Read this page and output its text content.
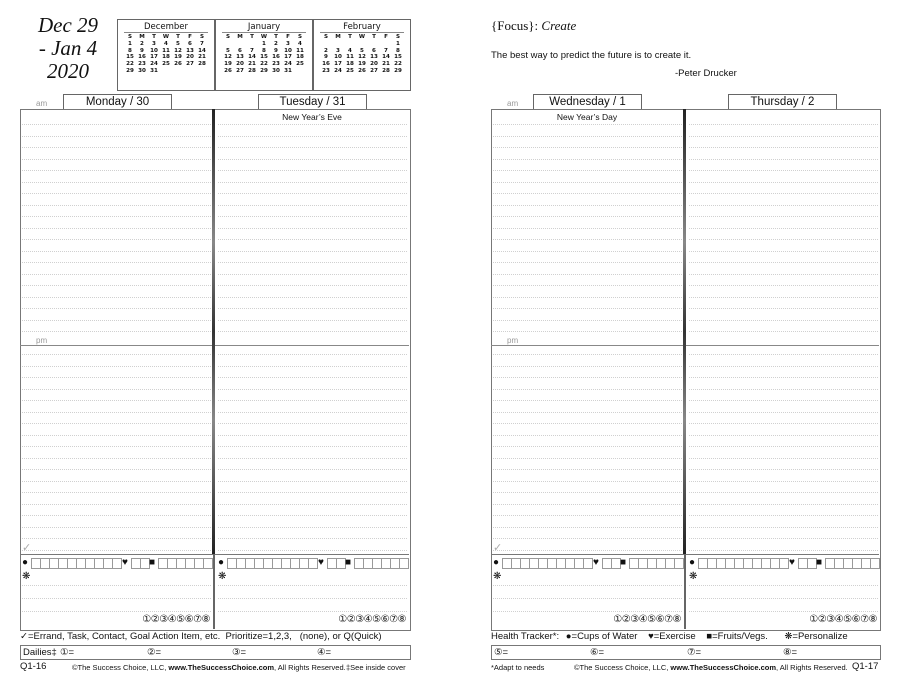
Dec 29
- Jan 4
2020
December
S	M	T	W	T	F	S
1	2	3	4	5	6	7
8	9	10	11	12	13	14
15	16	17	18	19	20	21
22	23	24	25	26	27	28
29	30	31				
January
S	M	T	W	T	F	S
			1	2	3	4
5	6	7	8	9	10	11
12	13	14	15	16	17	18
19	20	21	22	23	24	25
26	27	28	29	30	31	
February
S	M	T	W	T	F	S
						1
2	3	4	5	6	7	8
9	10	11	12	13	14	15
16	17	18	19	20	21	22
23	24	25	26	27	28	29
{Focus}: Create
The best way to predict the future is to create it.
-Peter Drucker
am	am
Monday / 30	Tuesday / 31	Wednesday / 1	Thursday / 2
New Year’s Eve	New Year’s Day
pm	pm
✓	✓
●	♥ ■
❋
①②③④⑤⑥⑦⑧
●	♥ ■
❋
①②③④⑤⑥⑦⑧
●	♥ ■
❋
①②③④⑤⑥⑦⑧
●	♥ ■
❋
①②③④⑤⑥⑦⑧
✓=Errand, Task, Contact, Goal Action Item, etc.  Prioritize=1,2,3,   (none), or Q(Quick)
Dailies‡ ①=	②=	③=	④=
Q1-16	©The Success Choice, LLC, www.TheSuccessChoice.com, All Rights Reserved. ‡See inside cover
Health Tracker*: ●=Cups of Water ♥=Exercise ■=Fruits/Vegs. ❋=Personalize
⑤=	⑥=	⑦=	⑧=
*Adapt to needs	©The Success Choice, LLC, www.TheSuccessChoice.com, All Rights Reserved. Q1-17
